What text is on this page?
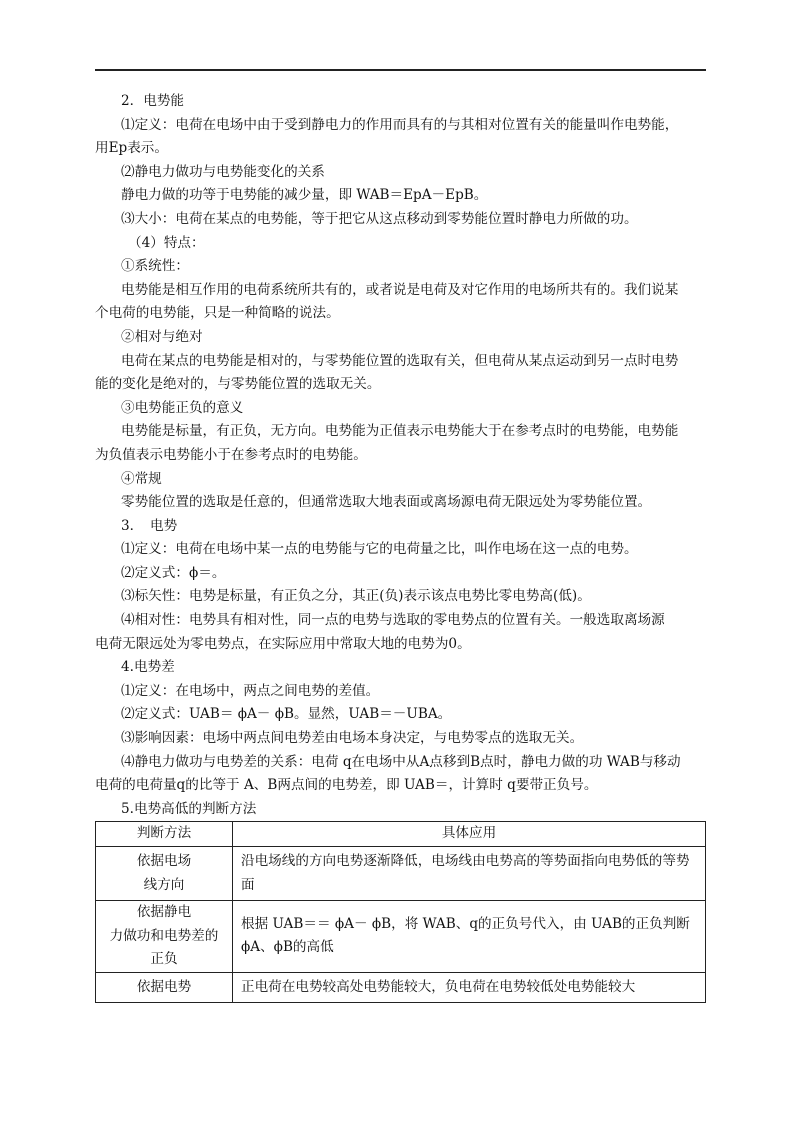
2．电势能
⑴定义：电荷在电场中由于受到静电力的作用而具有的与其相对位置有关的能量叫作电势能，
用Ep表示。
⑵静电力做功与电势能变化的关系
静电力做的功等于电势能的减少量，即 WAB＝EpA－EpB。
⑶大小：电荷在某点的电势能，等于把它从这点移动到零势能位置时静电力所做的功。
（4）特点：
①系统性：
电势能是相互作用的电荷系统所共有的，或者说是电荷及对它作用的电场所共有的。我们说某
个电荷的电势能，只是一种简略的说法。
②相对与绝对
电荷在某点的电势能是相对的，与零势能位置的选取有关，但电荷从某点运动到另一点时电势
能的变化是绝对的，与零势能位置的选取无关。
③电势能正负的意义
电势能是标量，有正负，无方向。电势能为正值表示电势能大于在参考点时的电势能，电势能
为负值表示电势能小于在参考点时的电势能。
④常规
零势能位置的选取是任意的，但通常选取大地表面或离场源电荷无限远处为零势能位置。
3．　电势
⑴定义：电荷在电场中某一点的电势能与它的电荷量之比，叫作电场在这一点的电势。
⑵定义式：ϕ＝。
⑶标矢性：电势是标量，有正负之分，其正(负)表示该点电势比零电势高(低)。
⑷相对性：电势具有相对性，同一点的电势与选取的零电势点的位置有关。一般选取离场源
电荷无限远处为零电势点，在实际应用中常取大地的电势为0。
4.电势差
⑴定义：在电场中，两点之间电势的差值。
⑵定义式：UAB＝ ϕA－ ϕB。显然，UAB＝－UBA。
⑶影响因素：电场中两点间电势差由电场本身决定，与电势零点的选取无关。
⑷静电力做功与电势差的关系：电荷 q在电场中从A点移到B点时，静电力做的功 WAB与移动
电荷的电荷量q的比等于 A、B两点间的电势差，即 UAB＝，计算时 q要带正负号。
5.电势高低的判断方法
判断方法	具体应用
依据电场
线方向	沿电场线的方向电势逐渐降低，电场线由电势高的等势面指向电势低的等势面
依据静电
力做功和电势差的
正负	根据 UAB＝＝ ϕA－ ϕB，将 WAB、q的正负号代入，由 UAB的正负判断 ϕA、ϕB的高低
依据电势	正电荷在电势较高处电势能较大，负电荷在电势较低处电势能较大
